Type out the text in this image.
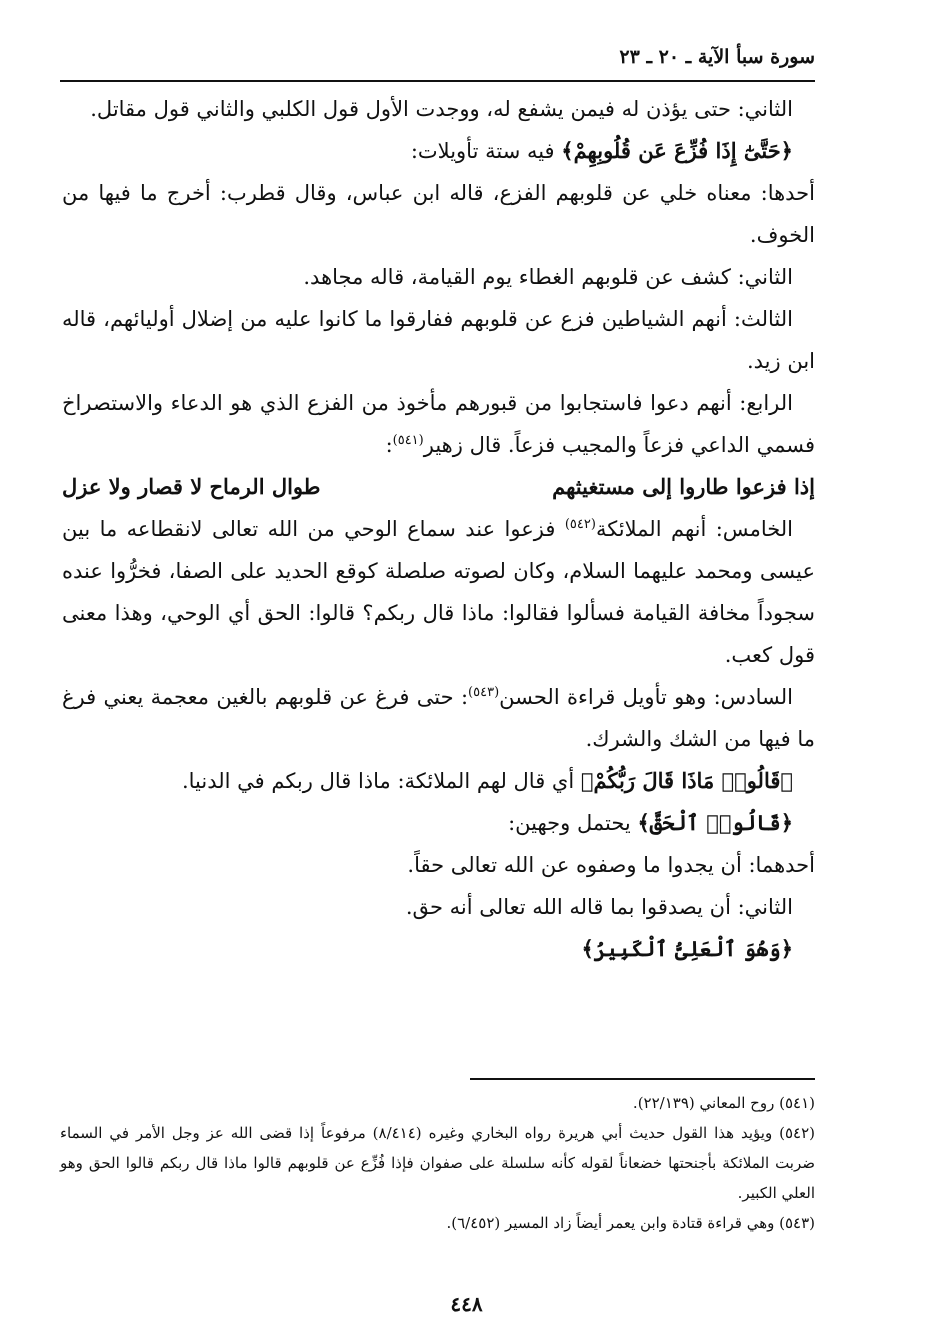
سورة سبأ الآية ـ ٢٠ ـ ٢٣

الثاني: حتى يؤذن له فيمن يشفع له، ووجدت الأول قول الكلبي والثاني قول مقاتل.

﴿حَتَّىٰٓ إِذَا فُزِّعَ عَن قُلُوبِهِمْ﴾ فيه ستة تأويلات:

أحدها: معناه خلي عن قلوبهم الفزع، قاله ابن عباس، وقال قطرب: أخرج ما فيها من الخوف.

الثاني: كشف عن قلوبهم الغطاء يوم القيامة، قاله مجاهد.

الثالث: أنهم الشياطين فزع عن قلوبهم ففارقوا ما كانوا عليه من إضلال أوليائهم، قاله ابن زيد.

الرابع: أنهم دعوا فاستجابوا من قبورهم مأخوذ من الفزع الذي هو الدعاء والاستصراخ فسمي الداعي فزعاً والمجيب فزعاً. قال زهير$^{(٥٤١)}$:

إذا فزعوا طاروا إلى مستغيثهم
طوال الرماح لا قصار ولا عزل

الخامس: أنهم الملائكة$^{(٥٤٢)}$ فزعوا عند سماع الوحي من الله تعالى لانقطاعه ما بين عيسى ومحمد عليهما السلام، وكان لصوته صلصلة كوقع الحديد على الصفا، فخرُّوا عنده سجوداً مخافة القيامة فسألوا فقالوا: ماذا قال ربكم؟ قالوا: الحق أي الوحي، وهذا معنى قول كعب.

السادس: وهو تأويل قراءة الحسن$^{(٥٤٣)}$: حتى فرغ عن قلوبهم بالغين معجمة يعني فرغ ما فيها من الشك والشرك.

﴿قَالُوا۟ مَاذَا قَالَ رَبُّكُمْ﴾ أي قال لهم الملائكة: ماذا قال ربكم في الدنيا.

﴿قَالُوا۟ ٱلْحَقَّ﴾ يحتمل وجهين:

أحدهما: أن يجدوا ما وصفوه عن الله تعالى حقاً.

الثاني: أن يصدقوا بما قاله الله تعالى أنه حق.

﴿وَهُوَ ٱلْعَلِىُّ ٱلْكَبِيرُ﴾

(٥٤١) روح المعاني (٢٢/١٣٩).

(٥٤٢) ويؤيد هذا القول حديث أبي هريرة رواه البخاري وغيره (٨/٤١٤) مرفوعاً إذا قضى الله عز وجل الأمر في السماء ضربت الملائكة بأجنحتها خضعاناً لقوله كأنه سلسلة على صفوان فإذا فُزِّع عن قلوبهم قالوا ماذا قال ربكم قالوا الحق وهو العلي الكبير.

(٥٤٣) وهي قراءة قتادة وابن يعمر أيضاً زاد المسير (٦/٤٥٢).

٤٤٨
